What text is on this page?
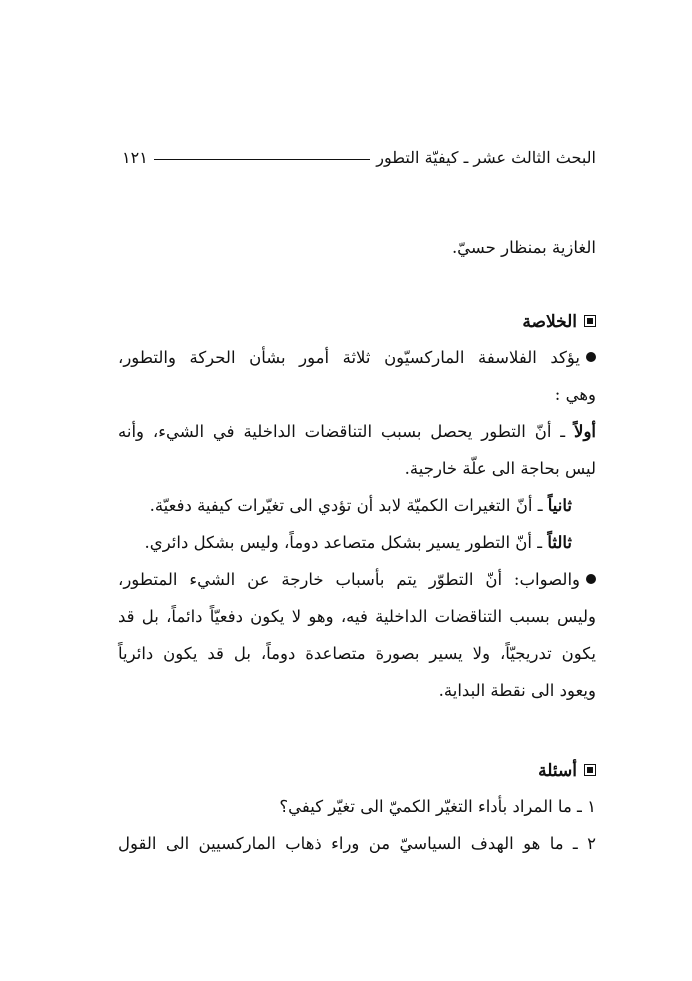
البحث الثالث عشر ـ كيفيّة التطور
١٢١
الغازية بمنظار حسيّ.
الخلاصة
يؤكد الفلاسفة الماركسيّون ثلاثة أمور بشأن الحركة والتطور،
وهي :
أولاً ـ أنّ التطور يحصل بسبب التناقضات الداخلية في الشيء، وأنه
ليس بحاجة الى علّة خارجية.
ثانياً ـ أنّ التغيرات الكميّة لابد أن تؤدي الى تغيّرات كيفية دفعيّة.
ثالثاً ـ أنّ التطور يسير بشكل متصاعد دوماً، وليس بشكل دائري.
والصواب: أنّ التطوّر يتم بأسباب خارجة عن الشيء المتطور،
وليس بسبب التناقضات الداخلية فيه، وهو لا يكون دفعيّاً دائماً، بل قد
يكون تدريجيّاً، ولا يسير بصورة متصاعدة دوماً، بل قد يكون دائرياً
ويعود الى نقطة البداية.
أسئلة
١ ـ ما المراد بأداء التغيّر الكميّ الى تغيّر كيفي؟
٢ ـ ما هو الهدف السياسيّ من وراء ذهاب الماركسيين الى القول
